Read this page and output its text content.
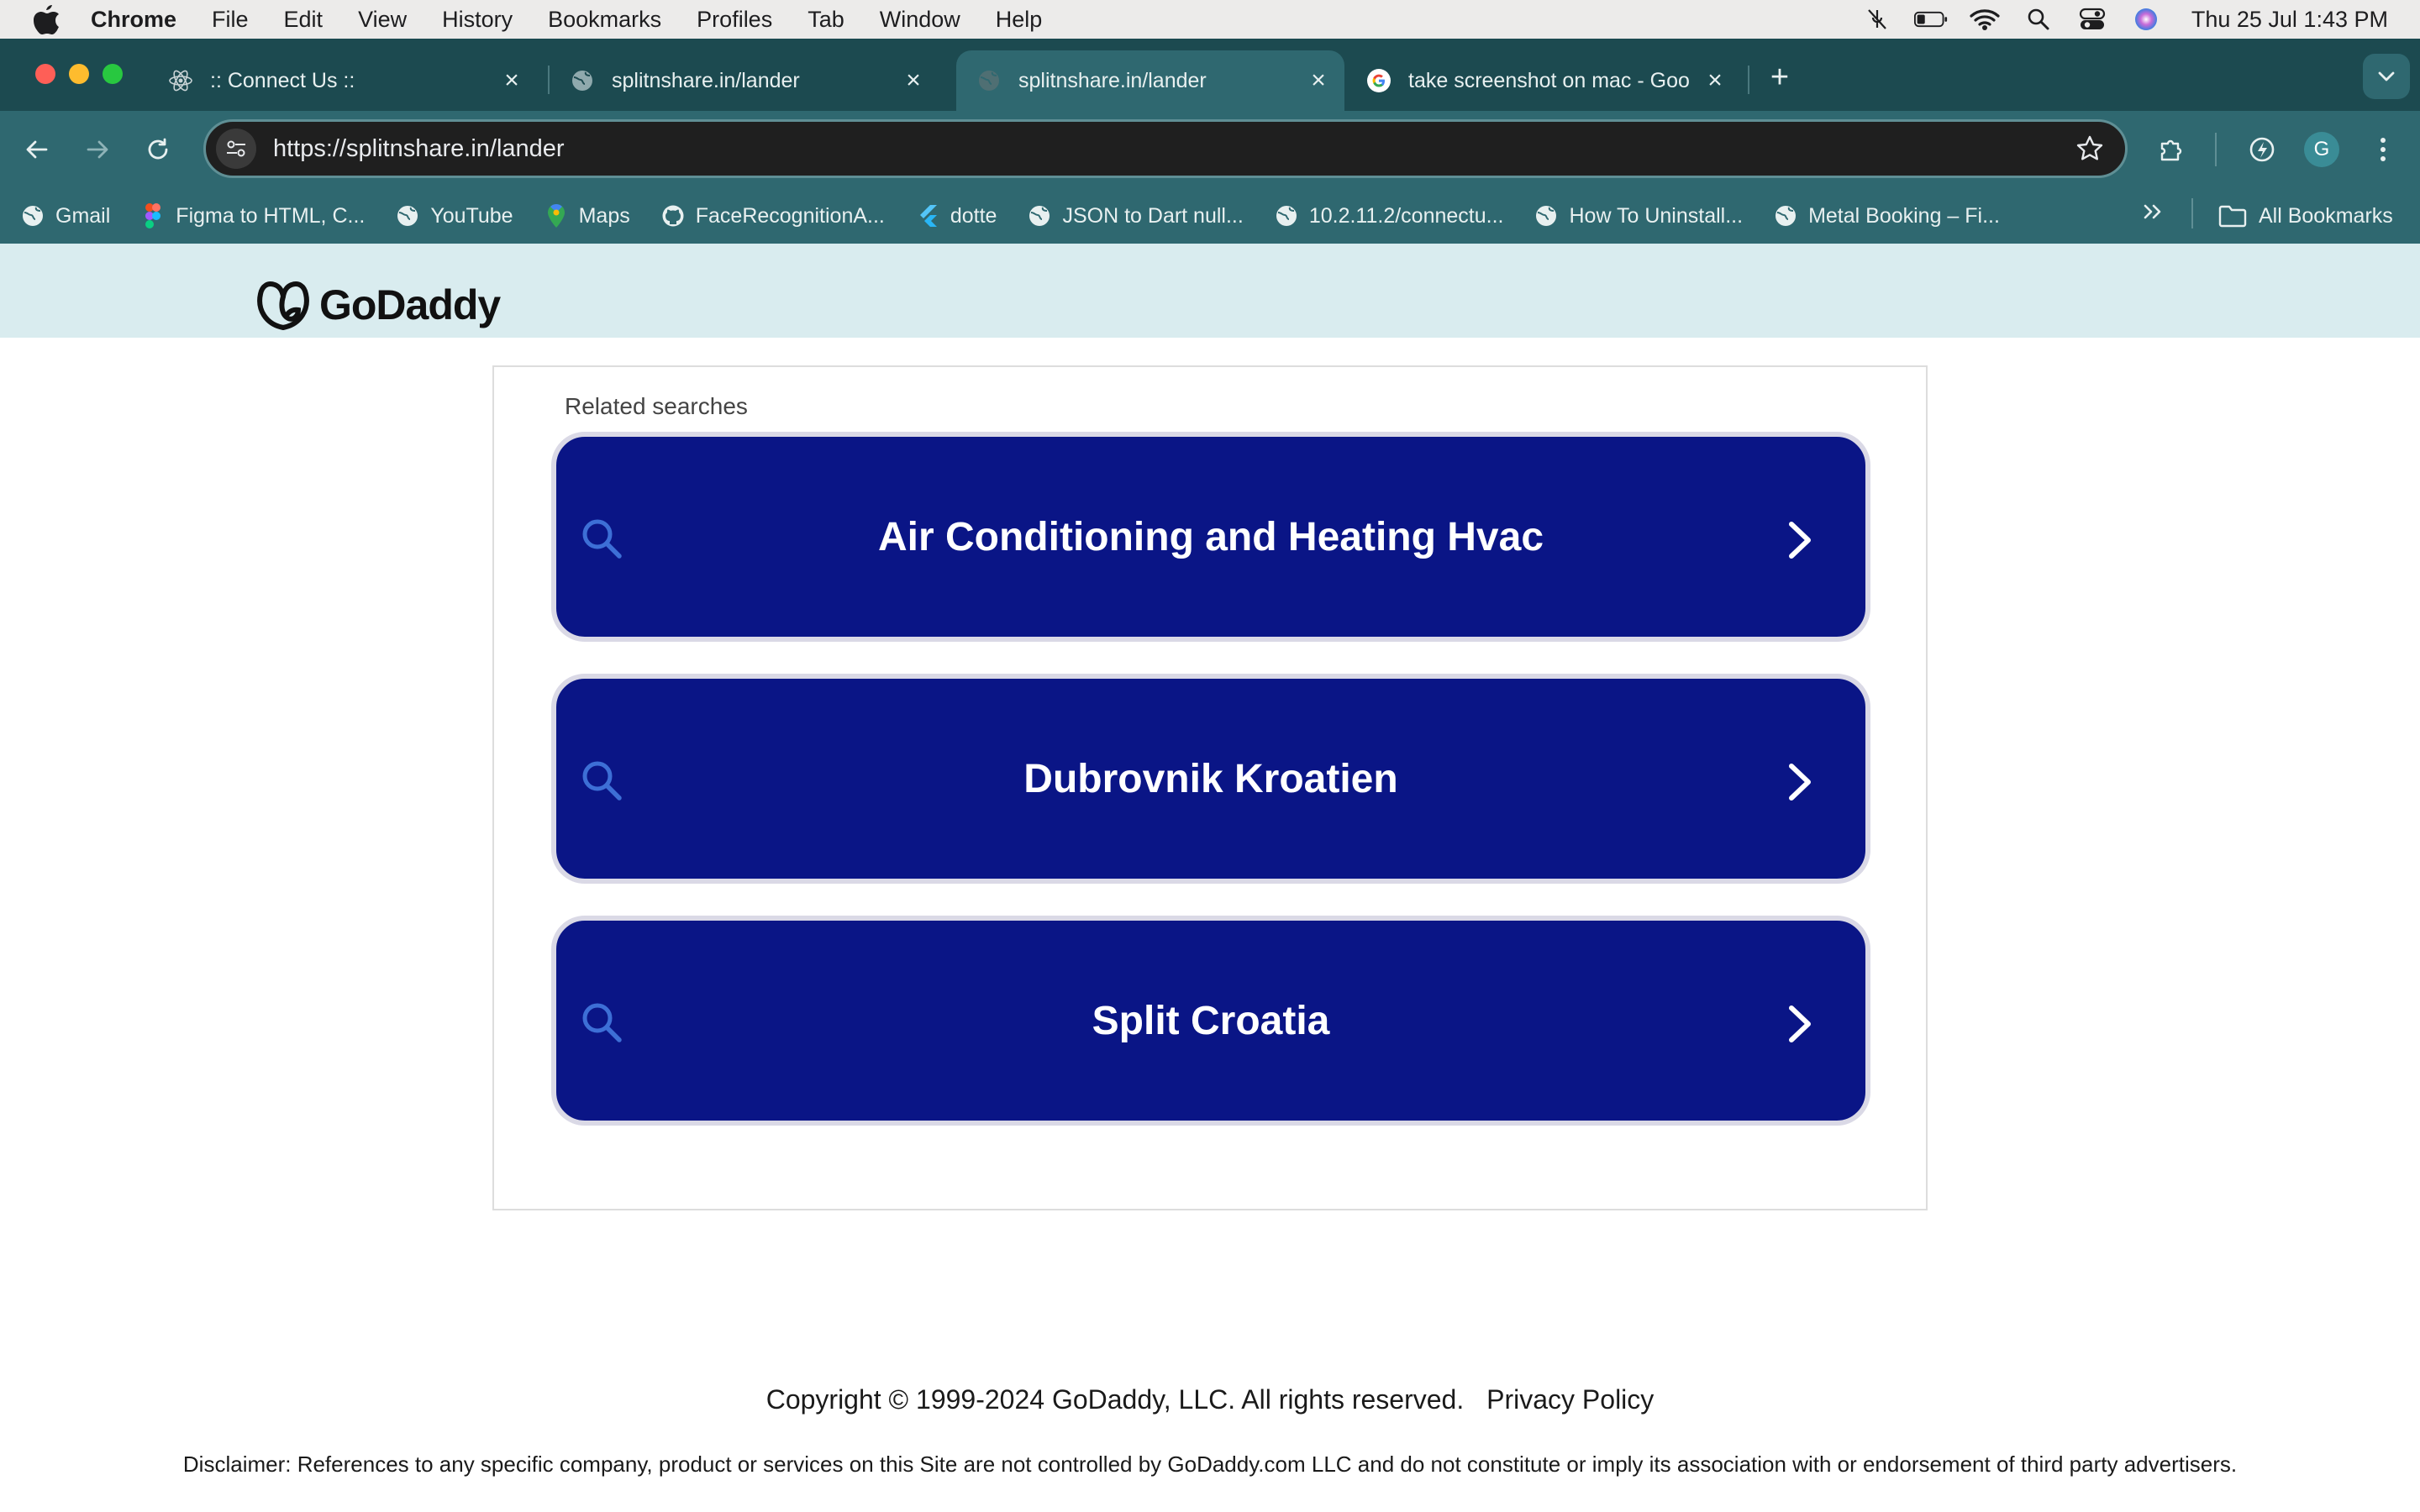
Chrome File Edit View History Bookmarks Profiles Tab Window Help	Thu 25 Jul 1:43 PM
:: Connect Us ::	×	splitnshare.in/lander	×	splitnshare.in/lander	×	take screenshot on mac - Goo × +
https://splitnshare.in/lander	G
Gmail	Figma to HTML, C...	YouTube	Maps	FaceRecognitionA...	dotte	JSON to Dart null...	10.2.11.2/connectu...	How To Uninstall...	Metal Booking – Fi...	All Bookmarks
GoDaddy
Related searches
Air Conditioning and Heating Hvac
Dubrovnik Kroatien
Split Croatia
Copyright © 1999-2024 GoDaddy, LLC. All rights reserved. Privacy Policy
Disclaimer: References to any specific company, product or services on this Site are not controlled by GoDaddy.com LLC and do not constitute or imply its association with or endorsement of third party advertisers.
